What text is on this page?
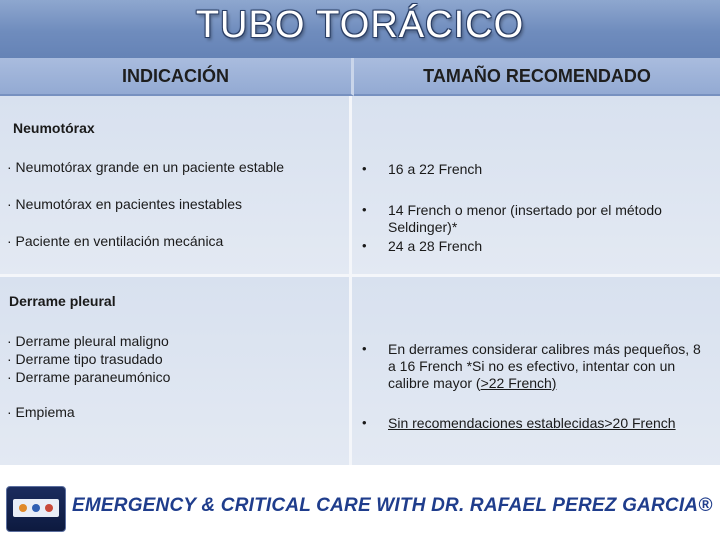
TUBO TORÁCICO
INDICACIÓN	TAMAÑO RECOMENDADO
Neumotórax
· Neumotórax grande en un paciente estable
· Neumotórax en pacientes inestables
· Paciente en ventilación mecánica
• 16 a 22 French
• 14 French o menor (insertado por el método Seldinger)*
• 24 a 28 French
Derrame pleural
· Derrame pleural maligno
· Derrame tipo trasudado
· Derrame paraneumónico
· Empiema
• En derrames considerar calibres más pequeños, 8 a 16 French *Si no es efectivo, intentar con un calibre mayor (>22 French)
• Sin recomendaciones establecidas>20 French
EMERGENCY & CRITICAL CARE WITH DR. RAFAEL PEREZ GARCIA®
